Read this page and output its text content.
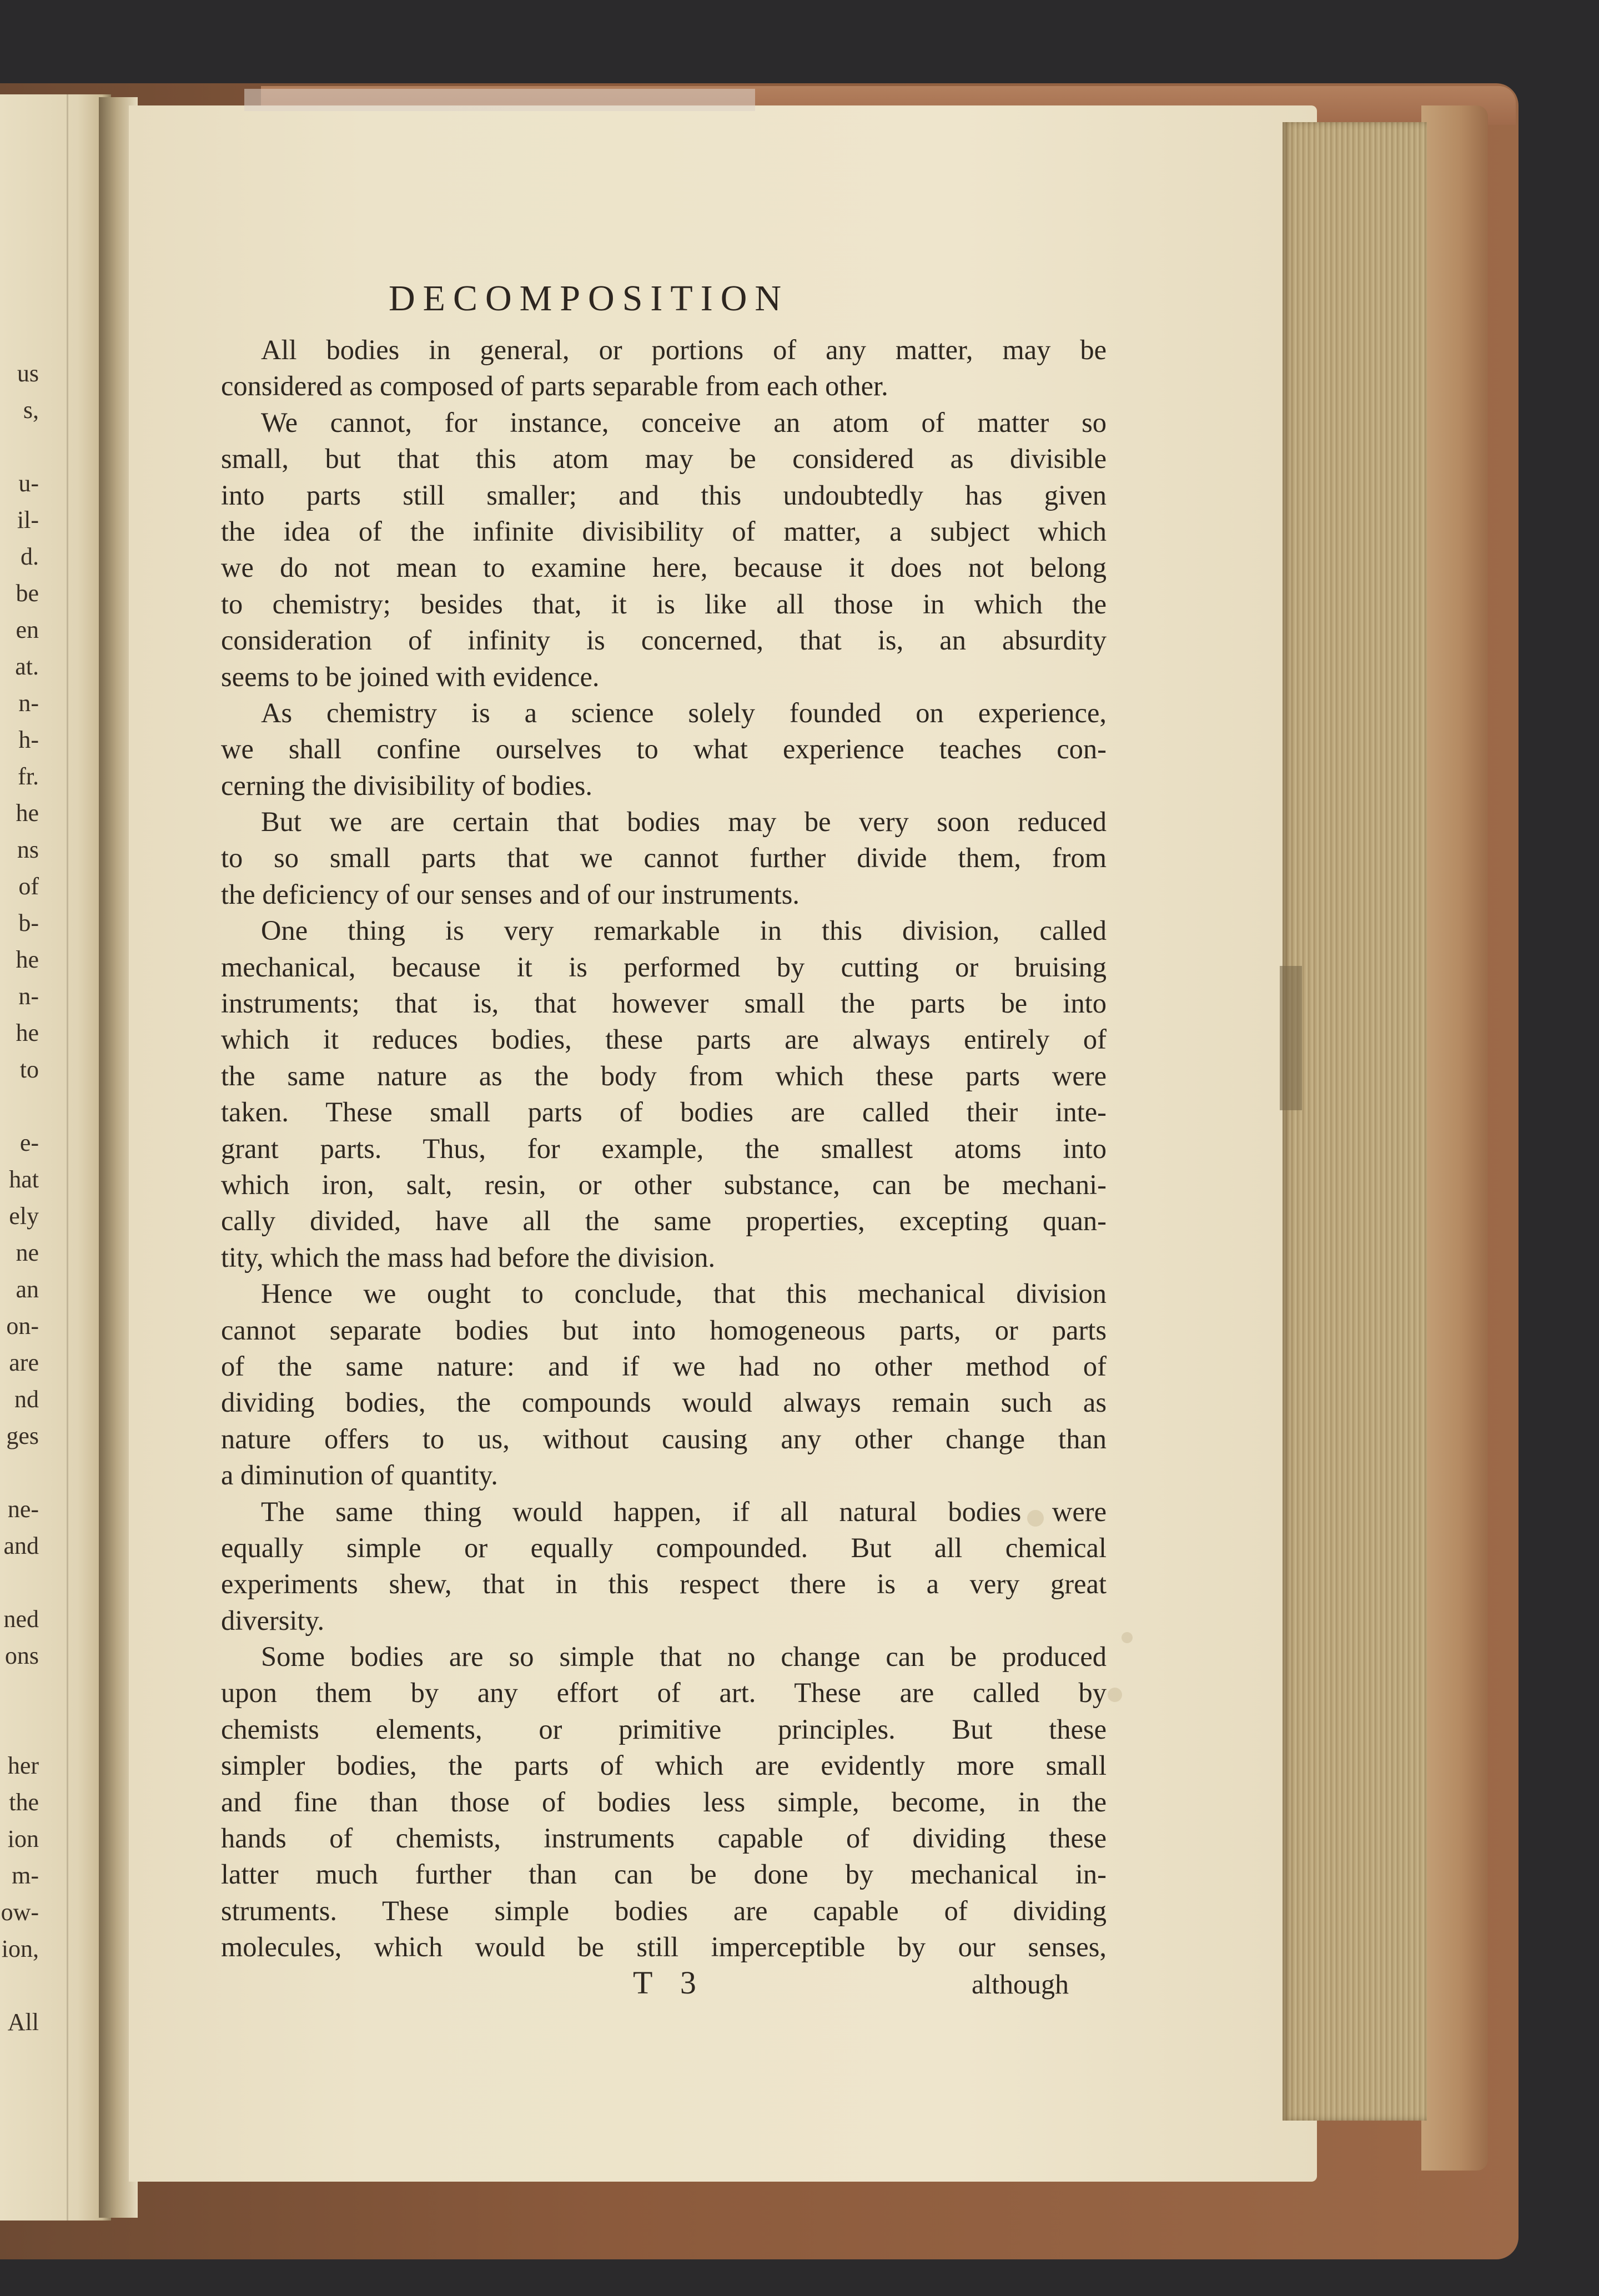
us
s,
u-
il-
d.
be
en
at.
n-
h-
fr.
he
ns
of
b-
he
n-
he
to
e-
hat
ely
ne
an
on-
are
nd
ges
ne-
and
ned
ons
her
the
ion
m-
ow-
ion,
All
DECOMPOSITION
All bodies in general, or portions of any matter, may be
considered as composed of parts separable from each other.
We cannot, for instance, conceive an atom of matter so
small, but that this atom may be considered as divisible
into parts still smaller; and this undoubtedly has given
the idea of the infinite divisibility of matter, a subject which
we do not mean to examine here, because it does not belong
to chemistry; besides that, it is like all those in which the
consideration of infinity is concerned, that is, an absurdity
seems to be joined with evidence.
As chemistry is a science solely founded on experience,
we shall confine ourselves to what experience teaches con-
cerning the divisibility of bodies.
But we are certain that bodies may be very soon reduced
to so small parts that we cannot further divide them, from
the deficiency of our senses and of our instruments.
One thing is very remarkable in this division, called
mechanical, because it is performed by cutting or bruising
instruments; that is, that however small the parts be into
which it reduces bodies, these parts are always entirely of
the same nature as the body from which these parts were
taken. These small parts of bodies are called their inte-
grant parts. Thus, for example, the smallest atoms into
which iron, salt, resin, or other substance, can be mechani-
cally divided, have all the same properties, excepting quan-
tity, which the mass had before the division.
Hence we ought to conclude, that this mechanical division
cannot separate bodies but into homogeneous parts, or parts
of the same nature: and if we had no other method of
dividing bodies, the compounds would always remain such as
nature offers to us, without causing any other change than
a diminution of quantity.
The same thing would happen, if all natural bodies were
equally simple or equally compounded. But all chemical
experiments shew, that in this respect there is a very great
diversity.
Some bodies are so simple that no change can be produced
upon them by any effort of art. These are called by
chemists elements, or primitive principles. But these
simpler bodies, the parts of which are evidently more small
and fine than those of bodies less simple, become, in the
hands of chemists, instruments capable of dividing these
latter much further than can be done by mechanical in-
struments. These simple bodies are capable of dividing
molecules, which would be still imperceptible by our senses,
T 3	although
